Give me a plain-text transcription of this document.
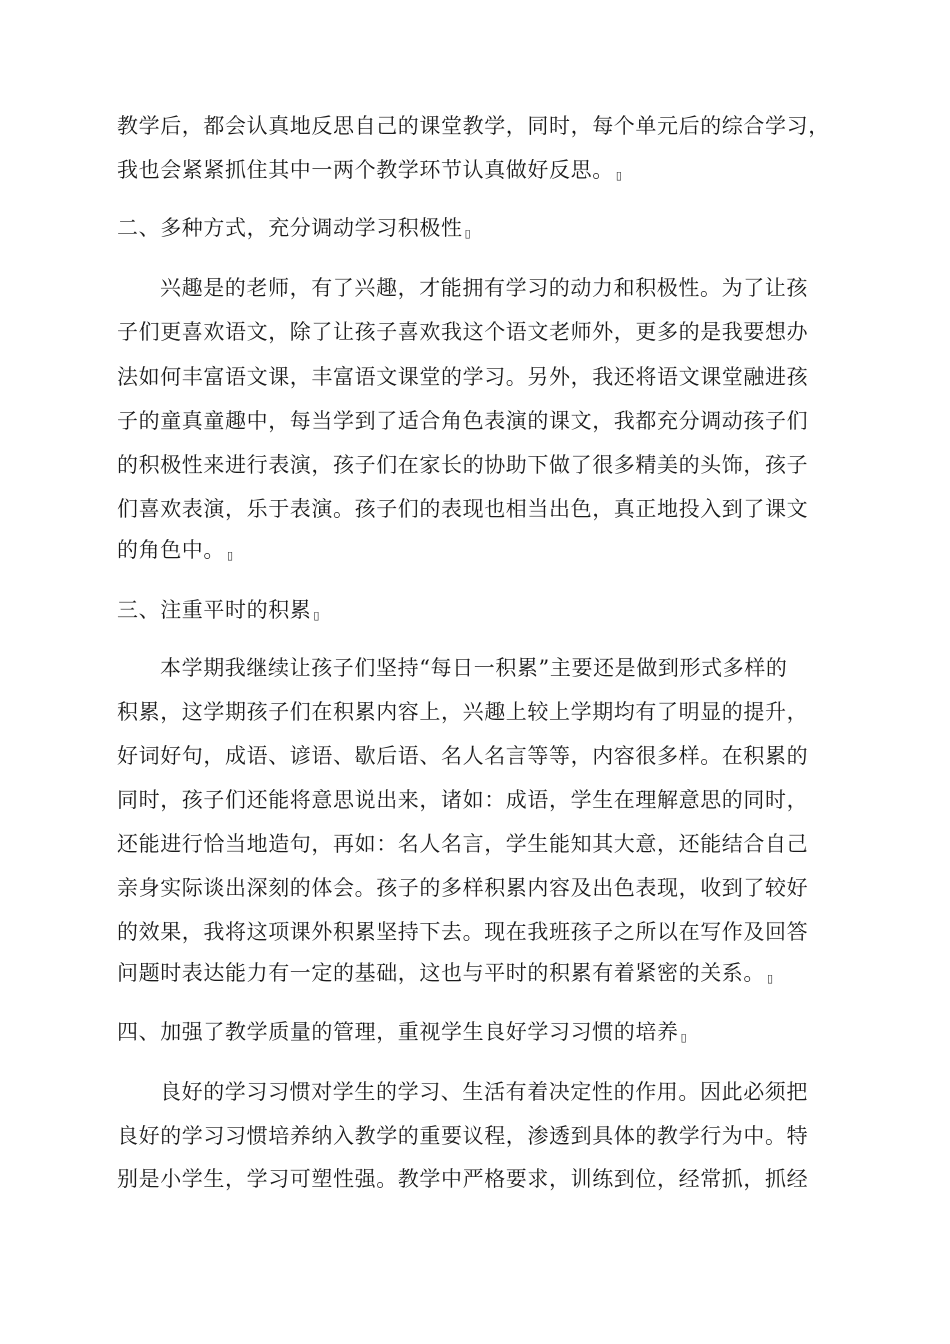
教学后，都会认真地反思自己的课堂教学，同时，每个单元后的综合学习，
我也会紧紧抓住其中一两个教学环节认真做好反思。 ▯
二、多种方式，充分调动学习积极性 ▯
兴趣是的老师，有了兴趣，才能拥有学习的动力和积极性。为了让孩
子们更喜欢语文，除了让孩子喜欢我这个语文老师外，更多的是我要想办
法如何丰富语文课，丰富语文课堂的学习。另外，我还将语文课堂融进孩
子的童真童趣中，每当学到了适合角色表演的课文，我都充分调动孩子们
的积极性来进行表演，孩子们在家长的协助下做了很多精美的头饰，孩子
们喜欢表演，乐于表演。孩子们的表现也相当出色，真正地投入到了课文
的角色中。 ▯
三、注重平时的积累 ▯
本学期我继续让孩子们坚持“每日一积累”主要还是做到形式多样的
积累，这学期孩子们在积累内容上，兴趣上较上学期均有了明显的提升，
好词好句，成语、谚语、歇后语、名人名言等等，内容很多样。在积累的
同时，孩子们还能将意思说出来，诸如：成语，学生在理解意思的同时，
还能进行恰当地造句，再如：名人名言，学生能知其大意，还能结合自己
亲身实际谈出深刻的体会。孩子的多样积累内容及出色表现，收到了较好
的效果，我将这项课外积累坚持下去。现在我班孩子之所以在写作及回答
问题时表达能力有一定的基础，这也与平时的积累有着紧密的关系。 ▯
四、加强了教学质量的管理，重视学生良好学习习惯的培养 ▯
良好的学习习惯对学生的学习、生活有着决定性的作用。因此必须把
良好的学习习惯培养纳入教学的重要议程，渗透到具体的教学行为中。特
别是小学生，学习可塑性强。教学中严格要求，训练到位，经常抓，抓经
